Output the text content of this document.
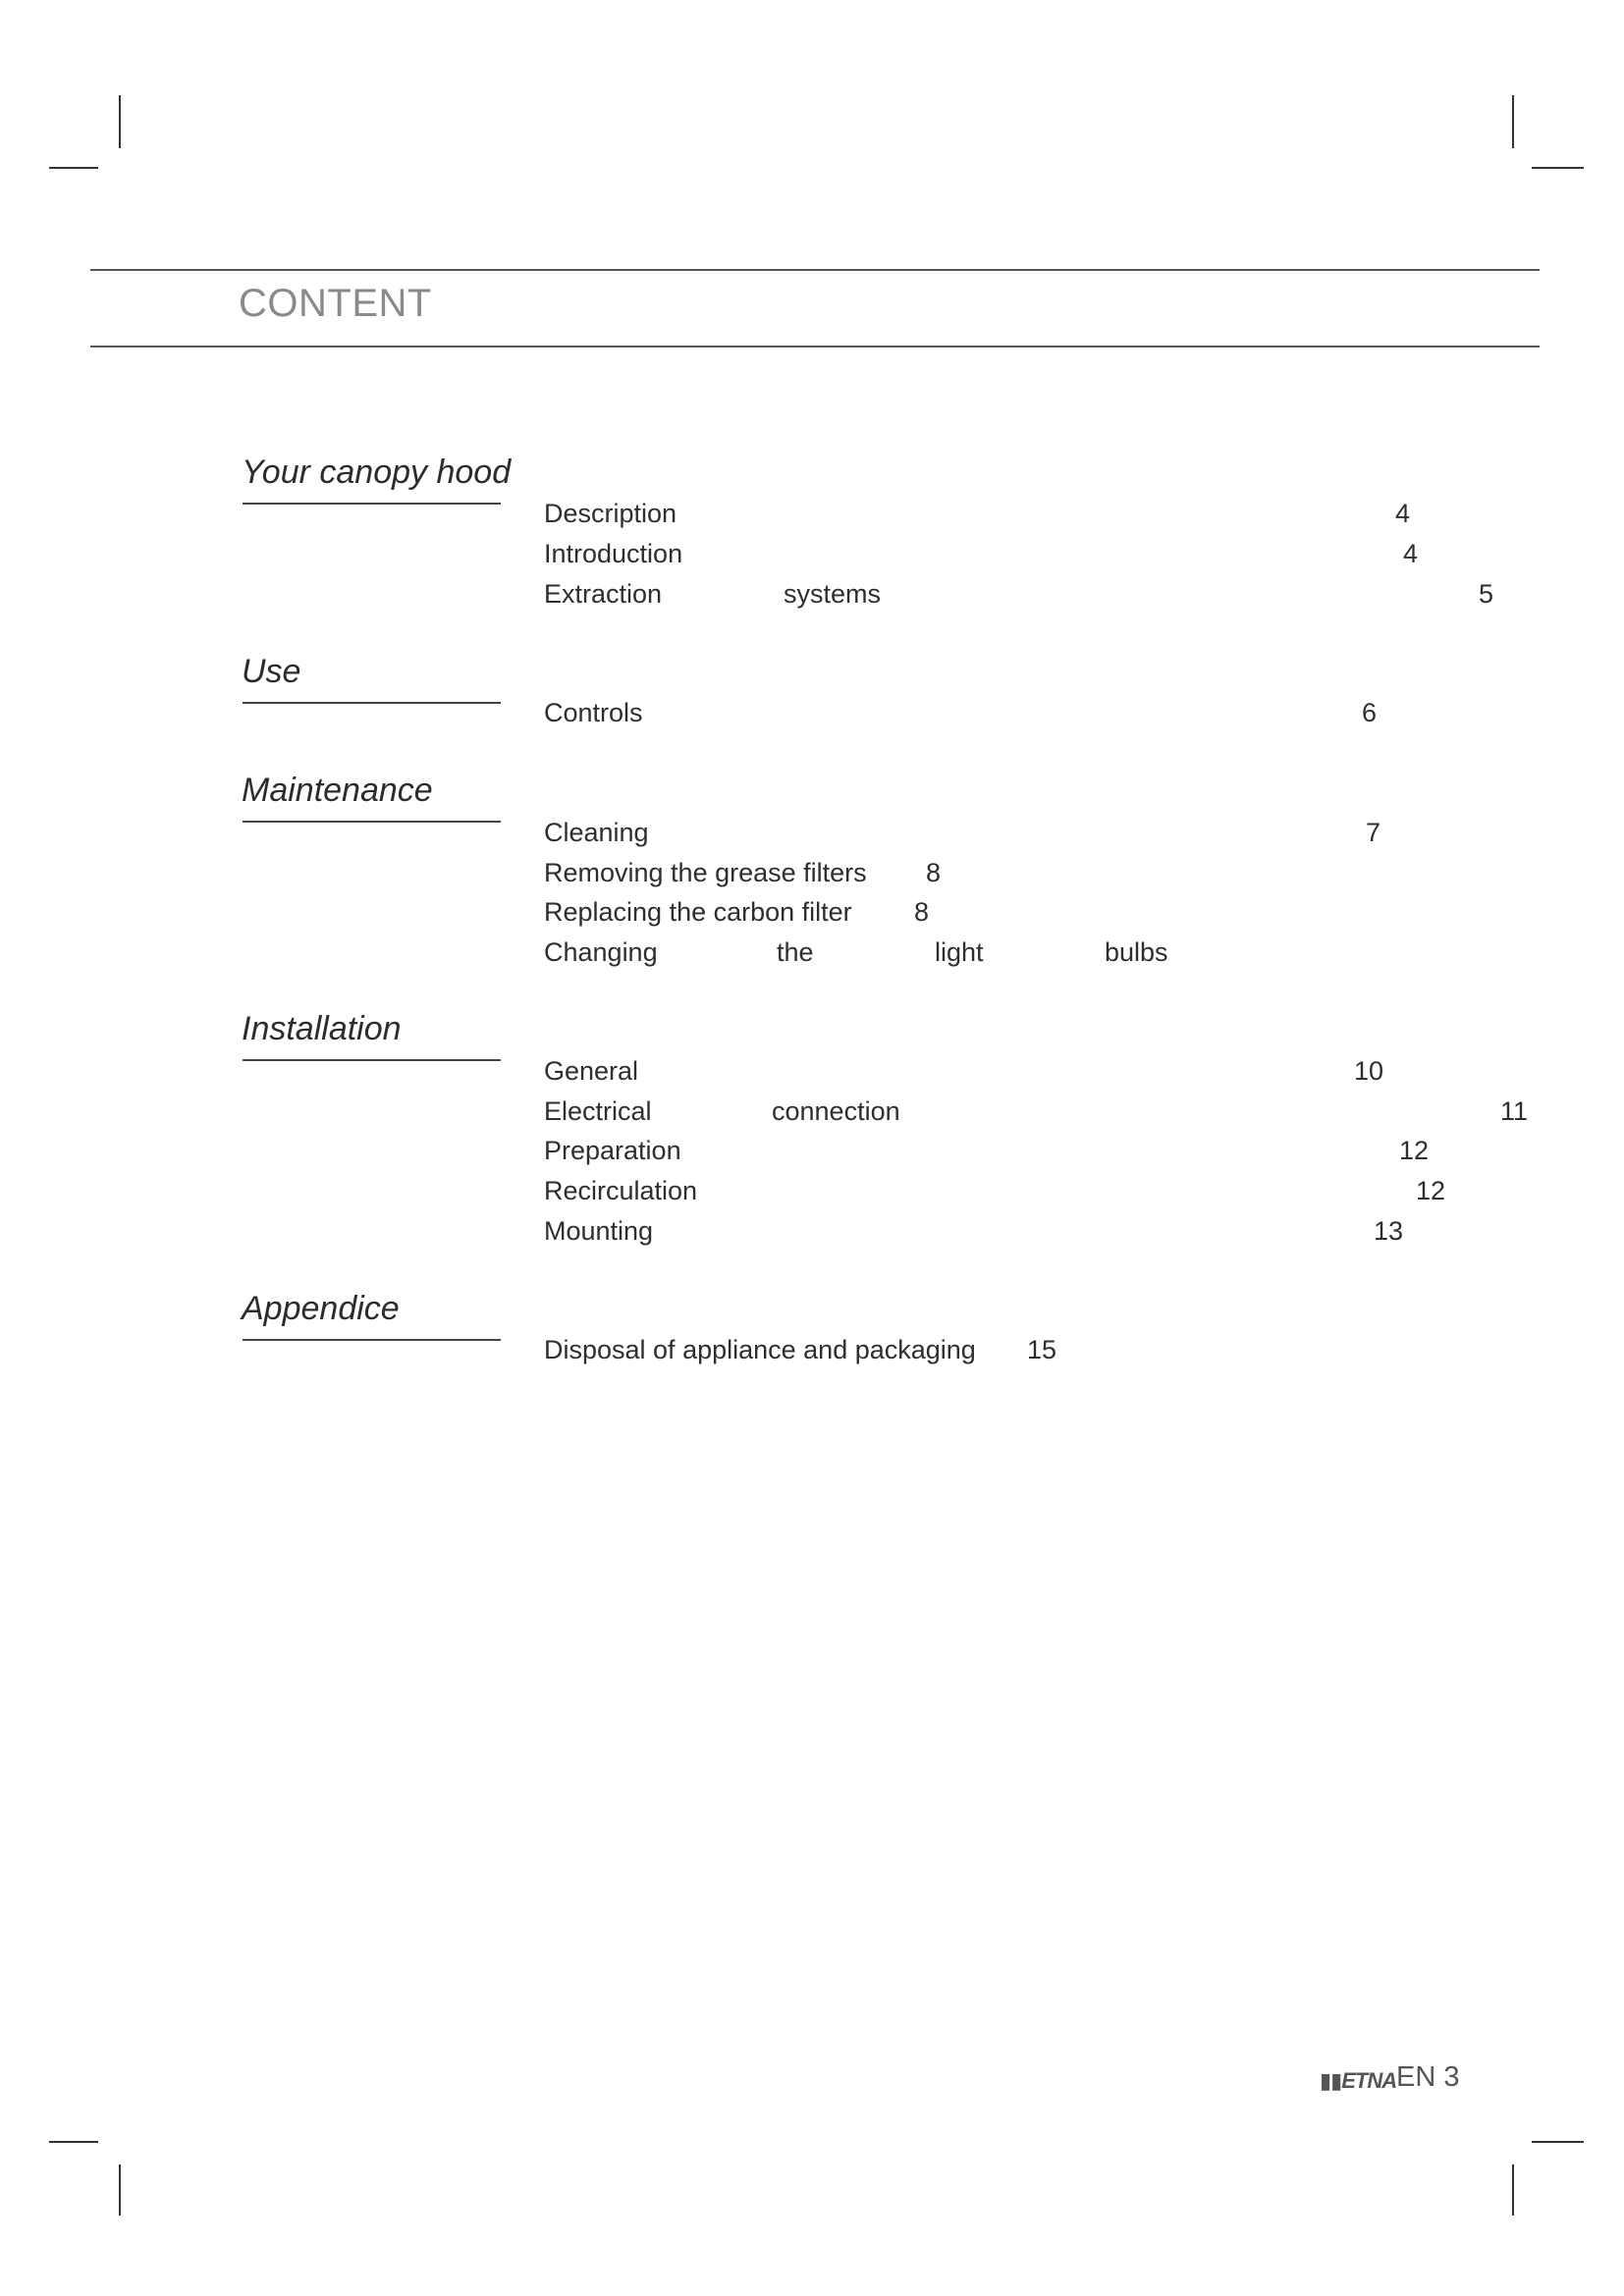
CONTENT
Your canopy hood
Description	4
Introduction	4
Extraction	systems	5
Use
Controls	6
Maintenance
Cleaning	7
Removing the grease filters 8
Replacing the carbon filter 8
Changing	the	light	bulbs
Installation
General	10
Electrical	connection	11
Preparation	12
Recirculation	12
Mounting	13
Appendice
Disposal of appliance and packaging 15
▮▮ETNA EN 3
